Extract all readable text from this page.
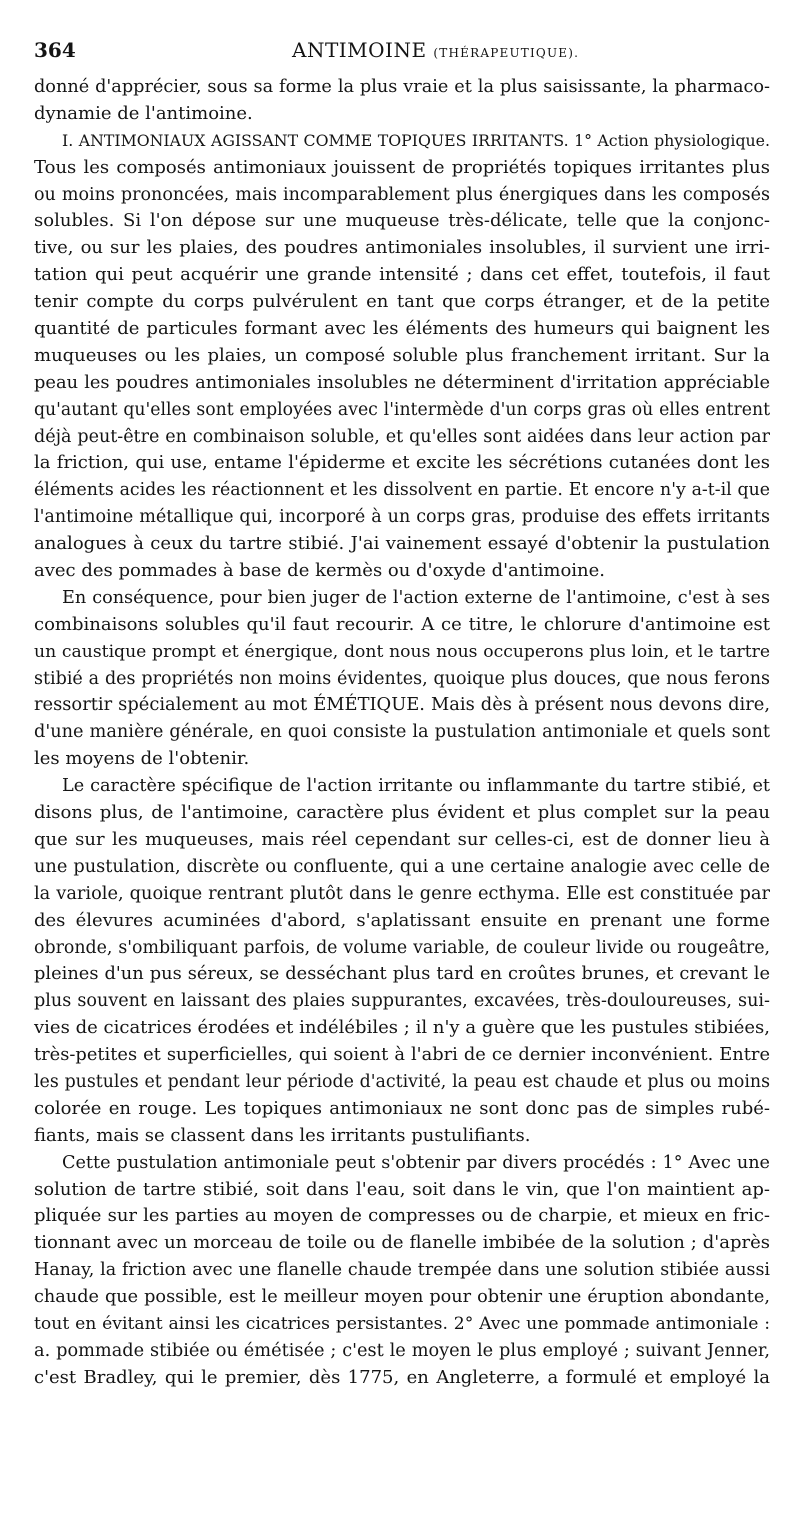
364	ANTIMOINE (THÉRAPEUTIQUE).
donné d'apprécier, sous sa forme la plus vraie et la plus saisissante, la pharmaco-
dynamie de l'antimoine.
I. ANTIMONIAUX AGISSANT COMME TOPIQUES IRRITANTS. 1° Action physiologique.
Tous les composés antimoniaux jouissent de propriétés topiques irritantes plus
ou moins prononcées, mais incomparablement plus énergiques dans les composés
solubles. Si l'on dépose sur une muqueuse très-délicate, telle que la conjonc-
tive, ou sur les plaies, des poudres antimoniales insolubles, il survient une irri-
tation qui peut acquérir une grande intensité ; dans cet effet, toutefois, il faut
tenir compte du corps pulvérulent en tant que corps étranger, et de la petite
quantité de particules formant avec les éléments des humeurs qui baignent les
muqueuses ou les plaies, un composé soluble plus franchement irritant. Sur la
peau les poudres antimoniales insolubles ne déterminent d'irritation appréciable
qu'autant qu'elles sont employées avec l'intermède d'un corps gras où elles entrent
déjà peut-être en combinaison soluble, et qu'elles sont aidées dans leur action par
la friction, qui use, entame l'épiderme et excite les sécrétions cutanées dont les
éléments acides les réactionnent et les dissolvent en partie. Et encore n'y a-t-il que
l'antimoine métallique qui, incorporé à un corps gras, produise des effets irritants
analogues à ceux du tartre stibié. J'ai vainement essayé d'obtenir la pustulation
avec des pommades à base de kermès ou d'oxyde d'antimoine.
En conséquence, pour bien juger de l'action externe de l'antimoine, c'est à ses
combinaisons solubles qu'il faut recourir. A ce titre, le chlorure d'antimoine est
un caustique prompt et énergique, dont nous nous occuperons plus loin, et le tartre
stibié a des propriétés non moins évidentes, quoique plus douces, que nous ferons
ressortir spécialement au mot ÉMÉTIQUE. Mais dès à présent nous devons dire,
d'une manière générale, en quoi consiste la pustulation antimoniale et quels sont
les moyens de l'obtenir.
Le caractère spécifique de l'action irritante ou inflammante du tartre stibié, et
disons plus, de l'antimoine, caractère plus évident et plus complet sur la peau
que sur les muqueuses, mais réel cependant sur celles-ci, est de donner lieu à
une pustulation, discrète ou confluente, qui a une certaine analogie avec celle de
la variole, quoique rentrant plutôt dans le genre ecthyma. Elle est constituée par
des élevures acuminées d'abord, s'aplatissant ensuite en prenant une forme
obronde, s'ombiliquant parfois, de volume variable, de couleur livide ou rougeâtre,
pleines d'un pus séreux, se desséchant plus tard en croûtes brunes, et crevant le
plus souvent en laissant des plaies suppurantes, excavées, très-douloureuses, sui-
vies de cicatrices érodées et indélébiles ; il n'y a guère que les pustules stibiées,
très-petites et superficielles, qui soient à l'abri de ce dernier inconvénient. Entre
les pustules et pendant leur période d'activité, la peau est chaude et plus ou moins
colorée en rouge. Les topiques antimoniaux ne sont donc pas de simples rubé-
fiants, mais se classent dans les irritants pustulifiants.
Cette pustulation antimoniale peut s'obtenir par divers procédés : 1° Avec une
solution de tartre stibié, soit dans l'eau, soit dans le vin, que l'on maintient ap-
pliquée sur les parties au moyen de compresses ou de charpie, et mieux en fric-
tionnant avec un morceau de toile ou de flanelle imbibée de la solution ; d'après
Hanay, la friction avec une flanelle chaude trempée dans une solution stibiée aussi
chaude que possible, est le meilleur moyen pour obtenir une éruption abondante,
tout en évitant ainsi les cicatrices persistantes. 2° Avec une pommade antimoniale :
a. pommade stibiée ou émétisée ; c'est le moyen le plus employé ; suivant Jenner,
c'est Bradley, qui le premier, dès 1775, en Angleterre, a formulé et employé la
